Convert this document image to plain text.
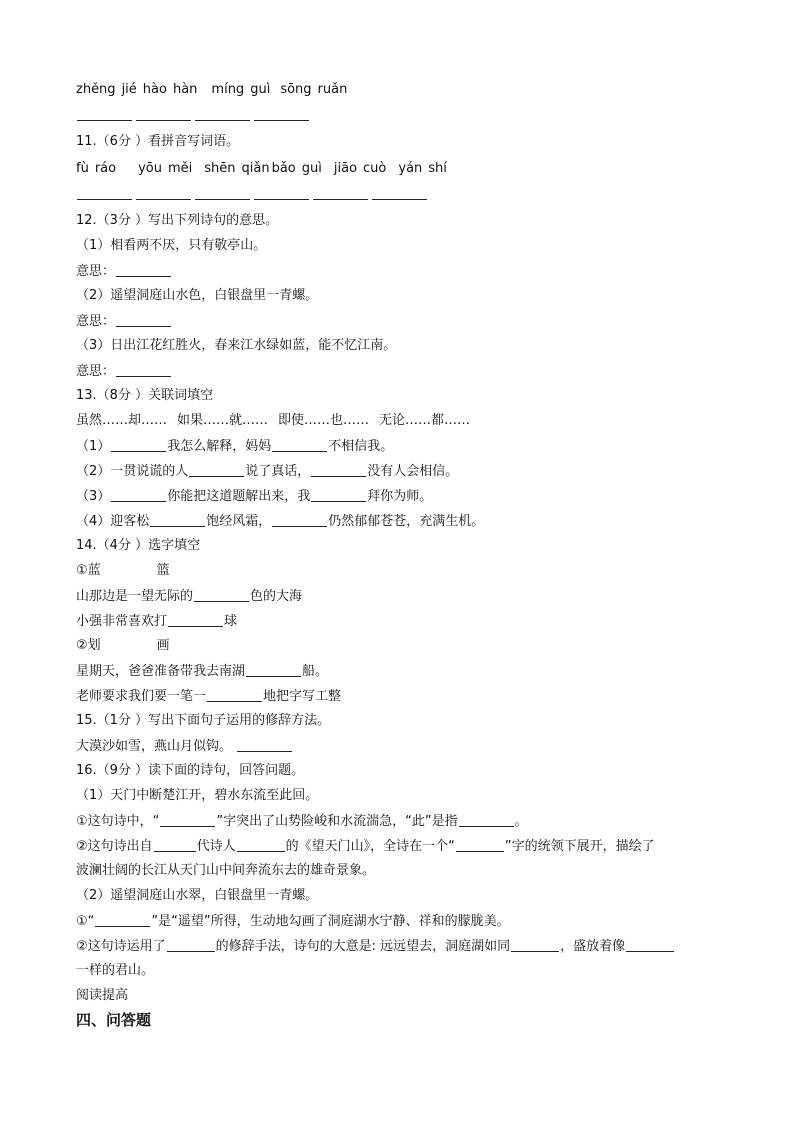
zhěng jié hào hàn míng guì sōng ruǎn
11.（6分 ）看拼音写词语。
fù ráo yōu měi shēn qiǎn bǎo guì jiāo cuò yán shí
12.（3分 ）写出下列诗句的意思。
（1）相看两不厌，只有敬亭山。
意思：
（2）遥望洞庭山水色，白银盘里一青螺。
意思：
（3）日出江花红胜火，春来江水绿如蓝，能不忆江南。
意思：
13.（8分 ）关联词填空
虽然……却…… 如果……就…… 即使……也…… 无论……都……
（1）	我怎么解释，妈妈	不相信我。
（2）一贯说谎的人	说了真话，	没有人会相信。
（3）	你能把这道题解出来，我	拜你为师。
（4）迎客松	饱经风霜，	仍然郁郁苍苍，充满生机。
14.（4分 ）选字填空
①蓝	篮
山那边是一望无际的	色的大海
小强非常喜欢打	球
②划	画
星期天，爸爸准备带我去南湖	船。
老师要求我们要一笔一	地把字写工整
15.（1分 ）写出下面句子运用的修辞方法。
大漠沙如雪，燕山月似钩。
16.（9分 ）读下面的诗句，回答问题。
（1）天门中断楚江开，碧水东流至此回。
①这句诗中，“	”字突出了山势险峻和水流湍急，“此”是指	。
②这句诗出自	代诗人	的《望天门山》，全诗在一个“	”字的统领下展开，描绘了
波澜壮阔的长江从天门山中间奔流东去的雄奇景象。
（2）遥望洞庭山水翠，白银盘里一青螺。
①“	”是“遥望”所得，生动地勾画了洞庭湖水宁静、祥和的朦胧美。
②这句诗运用了	的修辞手法，诗句的大意是: 远远望去，洞庭湖如同	，盛放着像
一样的君山。
阅读提高
四、问答题
